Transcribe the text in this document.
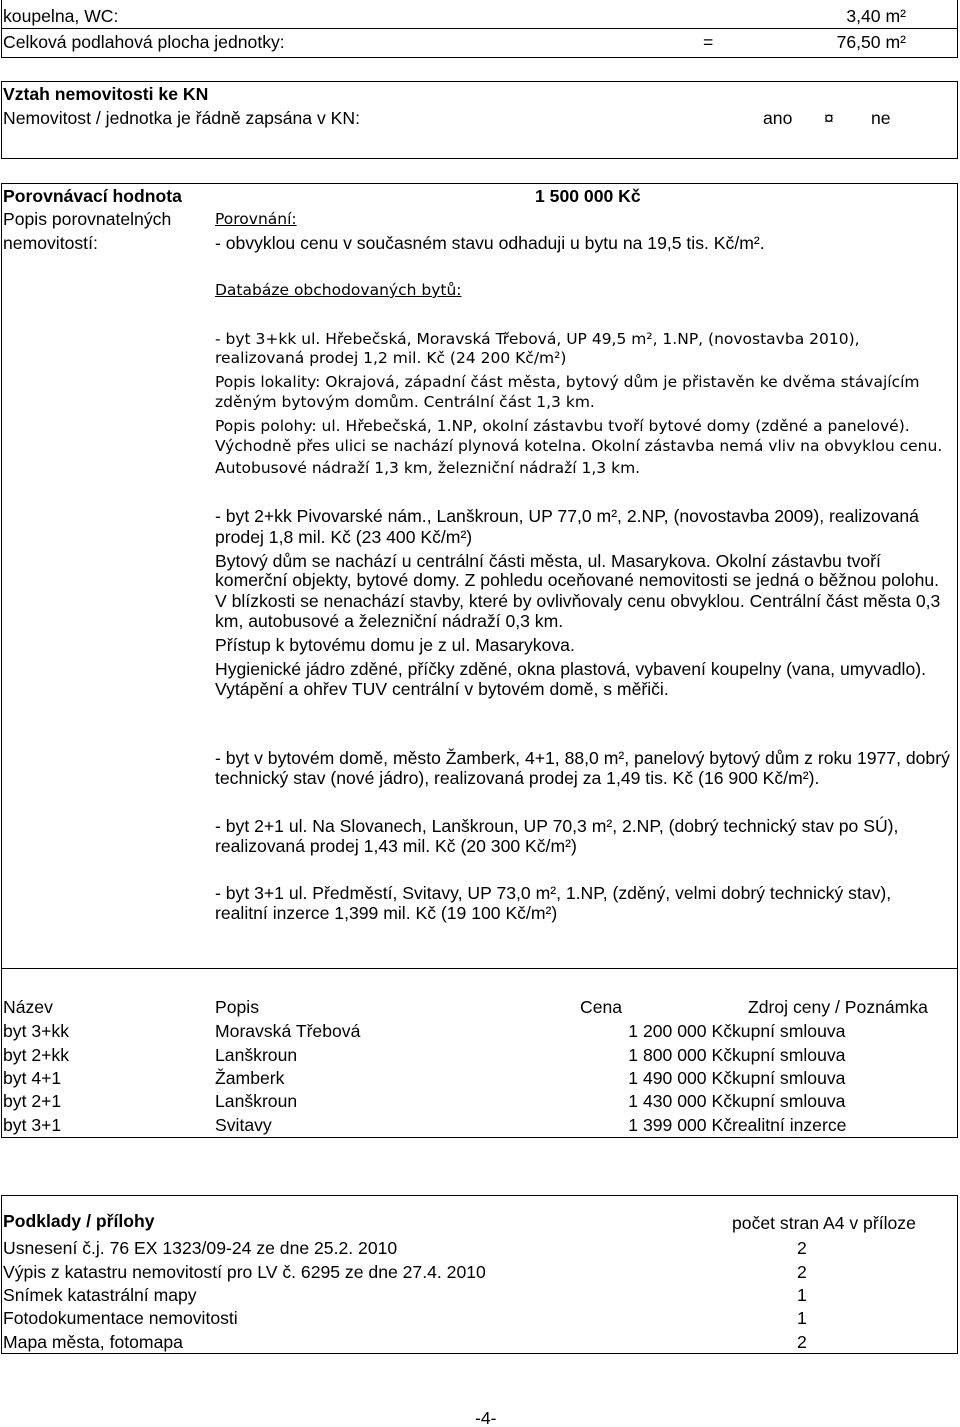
koupelna, WC:	3,40 m²
Celková podlahová plocha jednotky:	=	76,50 m²
Vztah nemovitosti ke KN
Nemovitost / jednotka je řádně zapsána v KN:	ano ¤ ne
Porovnávací hodnota	1 500 000 Kč
Popis porovnatelných
nemovitostí:
Porovnání:
- obvyklou cenu v současném stavu odhaduji u bytu na 19,5 tis. Kč/m².
Databáze obchodovaných bytů:
- byt 3+kk ul. Hřebečská, Moravská Třebová, UP 49,5 m², 1.NP, (novostavba 2010),
realizovaná prodej 1,2 mil. Kč (24 200 Kč/m²)
Popis lokality: Okrajová, západní část města, bytový dům je přistavěn ke dvěma stávajícím
zděným bytovým domům. Centrální část 1,3 km.
Popis polohy: ul. Hřebečská, 1.NP, okolní zástavbu tvoří bytové domy (zděné a panelové).
Východně přes ulici se nachází plynová kotelna. Okolní zástavba nemá vliv na obvyklou cenu.
Autobusové nádraží 1,3 km, železniční nádraží 1,3 km.
- byt 2+kk Pivovarské nám., Lanškroun, UP 77,0 m², 2.NP, (novostavba 2009), realizovaná
prodej 1,8 mil. Kč (23 400 Kč/m²)
Bytový dům se nachází u centrální části města, ul. Masarykova. Okolní zástavbu tvoří
komerční objekty, bytové domy. Z pohledu oceňované nemovitosti se jedná o běžnou polohu.
V blízkosti se nenachází stavby, které by ovlivňovaly cenu obvyklou. Centrální část města 0,3
km, autobusové a železniční nádraží 0,3 km.
Přístup k bytovému domu je z ul. Masarykova.
Hygienické jádro zděné, příčky zděné, okna plastová, vybavení koupelny (vana, umyvadlo).
Vytápění a ohřev TUV centrální v bytovém domě, s měřiči.
- byt v bytovém domě, město Žamberk, 4+1, 88,0 m², panelový bytový dům z roku 1977, dobrý
technický stav (nové jádro), realizovaná prodej za 1,49 tis. Kč (16 900 Kč/m²).
- byt 2+1 ul. Na Slovanech, Lanškroun, UP 70,3 m², 2.NP, (dobrý technický stav po SÚ),
realizovaná prodej 1,43 mil. Kč (20 300 Kč/m²)
- byt 3+1 ul. Předměstí, Svitavy, UP 73,0 m², 1.NP, (zděný, velmi dobrý technický stav),
realitní inzerce 1,399 mil. Kč (19 100 Kč/m²)
Název	Popis	Cena	Zdroj ceny / Poznámka
byt 3+kk	Moravská Třebová	1 200 000 Kč kupní smlouva
byt 2+kk	Lanškroun	1 800 000 Kč kupní smlouva
byt 4+1	Žamberk	1 490 000 Kč kupní smlouva
byt 2+1	Lanškroun	1 430 000 Kč kupní smlouva
byt 3+1	Svitavy	1 399 000 Kč realitní inzerce
Podklady / přílohy	počet stran A4 v příloze
Usnesení č.j. 76 EX 1323/09-24 ze dne 25.2. 2010	2
Výpis z katastru nemovitostí pro LV č. 6295 ze dne 27.4. 2010	2
Snímek katastrální mapy	1
Fotodokumentace nemovitosti	1
Mapa města, fotomapa	2
-4-
